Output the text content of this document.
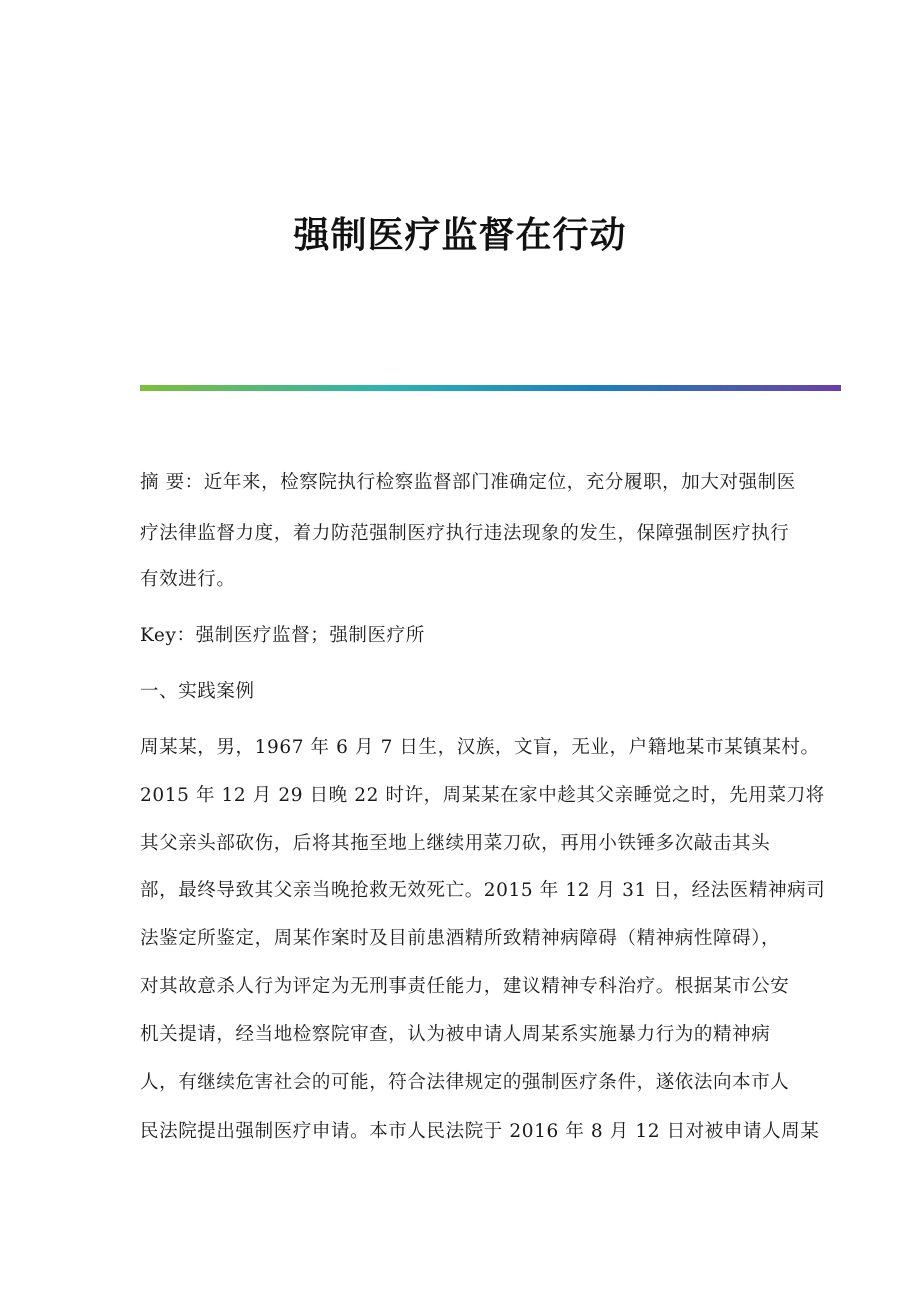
强制医疗监督在行动

摘 要：近年来，检察院执行检察监督部门准确定位，充分履职，加大对强制医

疗法律监督力度，着力防范强制医疗执行违法现象的发生，保障强制医疗执行

有效进行。

Key：强制医疗监督；强制医疗所

一、实践案例

周某某，男，1967 年 6 月 7 日生，汉族，文盲，无业，户籍地某市某镇某村。

2015 年 12 月 29 日晚 22 时许，周某某在家中趁其父亲睡觉之时，先用菜刀将

其父亲头部砍伤，后将其拖至地上继续用菜刀砍，再用小铁锤多次敲击其头

部，最终导致其父亲当晚抢救无效死亡。2015 年 12 月 31 日，经法医精神病司

法鉴定所鉴定，周某作案时及目前患酒精所致精神病障碍（精神病性障碍），

对其故意杀人行为评定为无刑事责任能力，建议精神专科治疗。根据某市公安

机关提请，经当地检察院审查，认为被申请人周某系实施暴力行为的精神病

人，有继续危害社会的可能，符合法律规定的强制医疗条件，遂依法向本市人

民法院提出强制医疗申请。本市人民法院于 2016 年 8 月 12 日对被申请人周某
